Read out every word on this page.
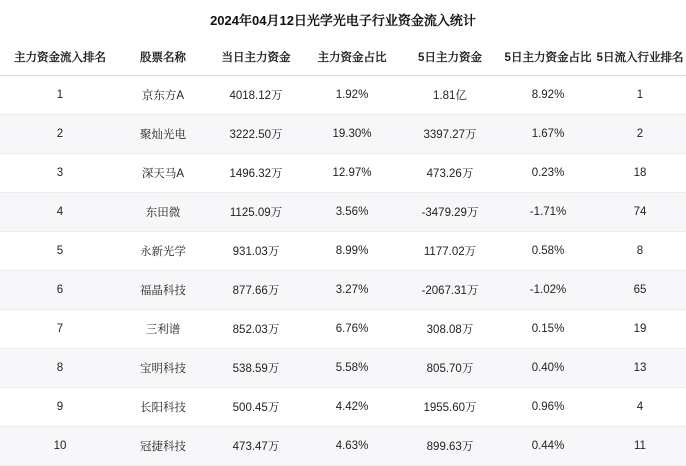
2024年04月12日光学光电子行业资金流入统计
主力资金流入排名	股票名称	当日主力资金	主力资金占比	5日主力资金	5日主力资金占比	5日流入行业排名
1	京东方A	4018.12万	1.92%	1.81亿	8.92%	1
2	聚灿光电	3222.50万	19.30%	3397.27万	1.67%	2
3	深天马A	1496.32万	12.97%	473.26万	0.23%	18
4	东田微	1125.09万	3.56%	-3479.29万	-1.71%	74
5	永新光学	931.03万	8.99%	1177.02万	0.58%	8
6	福晶科技	877.66万	3.27%	-2067.31万	-1.02%	65
7	三利谱	852.03万	6.76%	308.08万	0.15%	19
8	宝明科技	538.59万	5.58%	805.70万	0.40%	13
9	长阳科技	500.45万	4.42%	1955.60万	0.96%	4
10	冠捷科技	473.47万	4.63%	899.63万	0.44%	11
